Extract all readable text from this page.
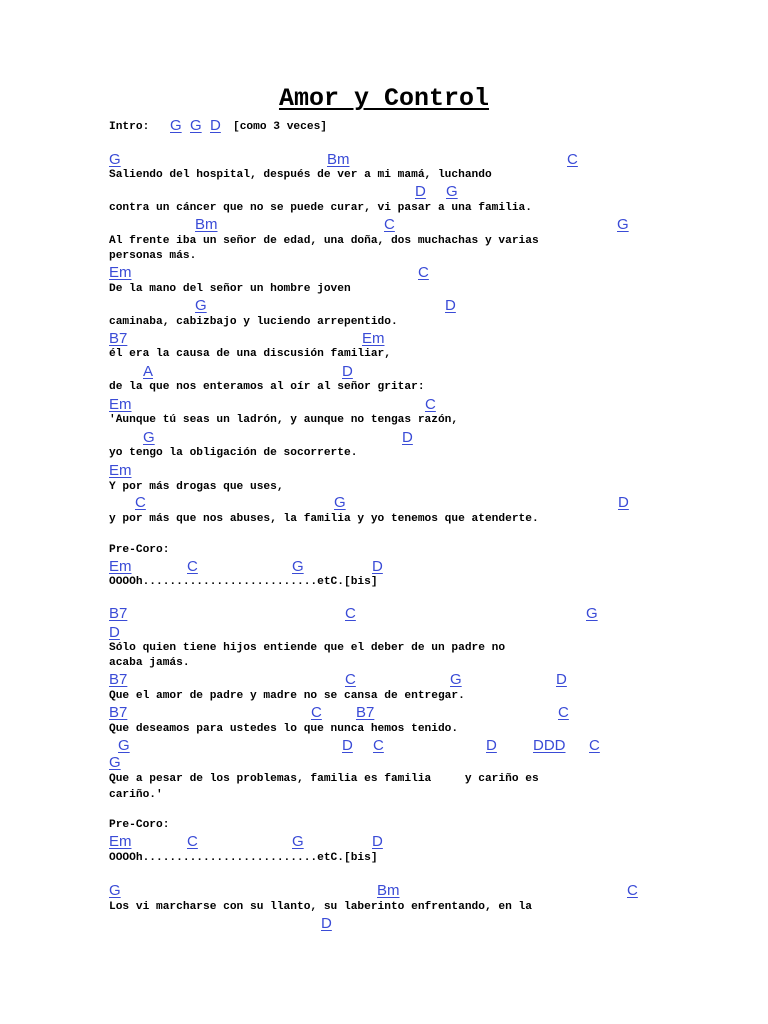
Amor y Control
Intro: G G D [como 3 veces]
G	Bm	C
Saliendo del hospital, después de ver a mi mamá, luchando
D G
contra un cáncer que no se puede curar, vi pasar a una familia.
Bm	C	G
Al frente iba un señor de edad, una doña, dos muchachas y varias
personas más.
Em	C
De la mano del señor un hombre joven
G	D
caminaba, cabizbajo y luciendo arrepentido.
B7	Em
él era la causa de una discusión familiar,
A	D
de la que nos enteramos al oír al señor gritar:
Em	C
'Aunque tú seas un ladrón, y aunque no tengas razón,
G	D
yo tengo la obligación de socorrerte.
Em
Y por más drogas que uses,
C	G	D
y por más que nos abuses, la familia y yo tenemos que atenderte.
Pre-Coro:
Em	C	G	D
OOOOh..........................etC.[bis]
B7	C	G
D
Sólo quien tiene hijos entiende que el deber de un padre no
acaba jamás.
B7	C	G	D
Que el amor de padre y madre no se cansa de entregar.
B7	C B7	C
Que deseamos para ustedes lo que nunca hemos tenido.
G	D C	D DDD C
G
Que a pesar de los problemas, familia es familia     y cariño es
cariño.'
Pre-Coro:
Em	C	G	D
OOOOh..........................etC.[bis]
G	Bm	C
Los vi marcharse con su llanto, su laberinto enfrentando, en la
D
